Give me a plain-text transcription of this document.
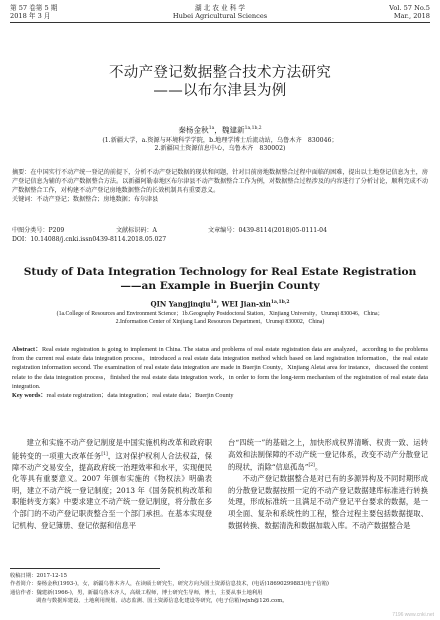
第 57 卷第 5 期
2018 年 3 月
湖 北 农 业 科 学
Hubei Agricultural Sciences
Vol. 57 No.5
Mar., 2018
不动产登记数据整合技术方法研究
——以布尔津县为例
秦杨金秋$^{1a}$，魏建新$^{1a,1b,2}$
(1.新疆大学，a.资源与环境科学学院，b.地理学博士后流动站，乌鲁木齐　830046；
2.新疆国土资源信息中心，乌鲁木齐　830002)

摘要：在中国实行不动产统一登记的前提下，分析不动产登记数据的现状和问题，针对目前房地数据整合过程中面临的困难，提出以土地登记信息为主，房产登记信息为辅的不动产数据整合方法。以新疆阿勒泰地区布尔津县不动产数据整合工作为例，对数据整合过程涉及的内容进行了分析讨论，顺利完成不动产数据整合工作，对构建不动产登记房地数据整合的长效机制具有重要意义。

关键词：不动产登记；数据整合；房地数据；布尔津县

中图分类号：P209	文献标识码：A	文章编号：0439-8114(2018)05-0111-04
DOI：10.14088/j.cnki.issn0439-8114.2018.05.027
Study of Data Integration Technology for Real Estate Registration
——an Example in Buerjin County
QIN Yangjinqiu$^{1a}$, WEI Jian-xin$^{1a,1b,2}$
(1a.College of Resources and Environment Science；1b.Geography Postdoctoral Station，Xinjiang University，Urumqi 830046，China；
2.Information Center of Xinjiang Land Resources Department，Urumqi 830002，China)

Abstract：Real estate registration is going to implement in China. The status and problems of real estate registration data are analyzed，according to the problems from the current real estate data integration process，introduced a real estate data integration method which based on land registration information，the real estate registration information second. The examination of real estate data integration are made in Buerjin County，Xinjiang Aletai area for instance，discussed the content relate to the data integration process，finished the real estate data integration work，in order to form the long-term mechanism of the registration of real estate data integration.

Key words：real estate registration；data integration；real estate data；Buerjin County

建立和实施不动产登记制度是中国实施机构改革和政府职能转变的一项重大改革任务[1]，这对保护权利人合法权益，保障不动产交易安全，提高政府统一治理效率和水平，实现便民化等具有重要意义。2007 年颁布实施的《物权法》明确表明，建立不动产统一登记制度；2013 年《国务院机构改革和职能转变方案》中要求建立不动产统一登记制度，将分散在多个部门的不动产登记职责整合至一个部门承担。在基本实现登记机构、登记簿册、登记依据和信息平

台“四统一”的基础之上，加快形成权界清晰、权责一致、运转高效和法制保障的不动产统一登记体系，改变不动产分散登记的现状，消除“信息孤岛”[2]。

不动产登记数据整合是对已有的多源异构及不同时期形成的分散登记数据按照一定的不动产登记数据建库标准进行转换处理，形成标准统一且满足不动产登记平台要求的数据，是一项全面、复杂和系统性的工程，整合过程主要包括数据提取、数据转换、数据清洗和数据加载入库。不动产数据整合是

收稿日期：2017-12-15
作者简介：秦杨金秋(1993-)，女，新疆乌鲁木齐人，在读硕士研究生，研究方向为国土资源信息技术，(电话)18690299883(电子信箱)
通信作者：魏建新(1966-)，男，新疆乌鲁木齐人，高级工程师，博士研究生导师，博士，主要从事土地利用
调查与数据库建设、土地利用规划、动态监测、国土资源信息化建设等研究，(电子信箱)wjxh@126.com。
7196 www.cnki.net
